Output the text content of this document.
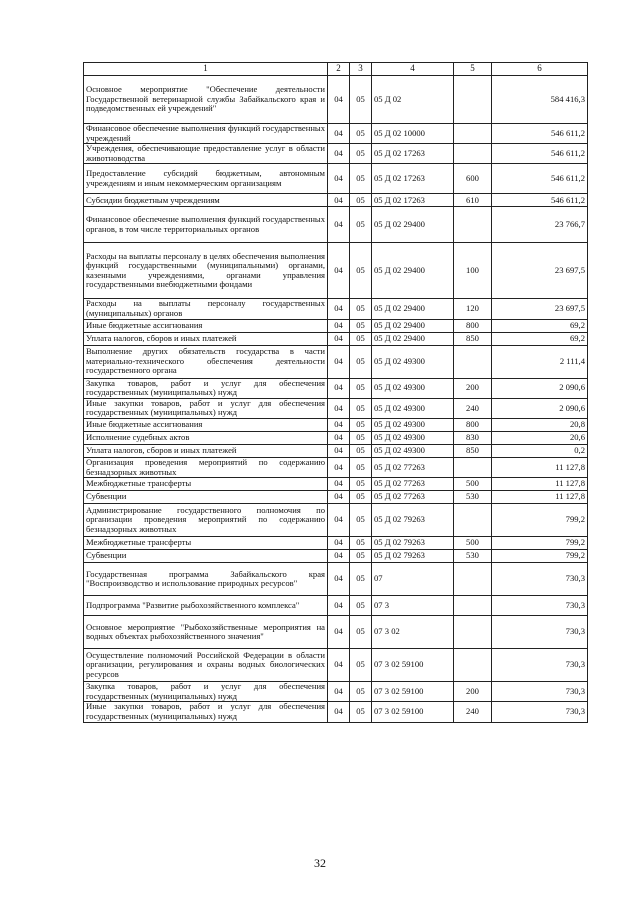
1	2	3	4	5	6
Основное мероприятие "Обеспечение деятельности Государственной ветеринарной службы Забайкальского края и подведомственных ей учреждений"	04	05	05 Д 02		584 416,3
Финансовое обеспечение выполнения функций государственных учреждений	04	05	05 Д 02 10000		546 611,2
Учреждения, обеспечивающие предоставление услуг в области животноводства	04	05	05 Д 02 17263		546 611,2
Предоставление субсидий бюджетным, автономным учреждениям и иным некоммерческим организациям	04	05	05 Д 02 17263	600	546 611,2
Субсидии бюджетным учреждениям	04	05	05 Д 02 17263	610	546 611,2
Финансовое обеспечение выполнения функций государственных органов, в том числе территориальных органов	04	05	05 Д 02 29400		23 766,7
Расходы на выплаты персоналу в целях обеспечения выполнения функций государственными (муниципальными) органами, казенными учреждениями, органами управления государственными внебюджетными фондами	04	05	05 Д 02 29400	100	23 697,5
Расходы на выплаты персоналу государственных (муниципальных) органов	04	05	05 Д 02 29400	120	23 697,5
Иные бюджетные ассигнования	04	05	05 Д 02 29400	800	69,2
Уплата налогов, сборов и иных платежей	04	05	05 Д 02 29400	850	69,2
Выполнение других обязательств государства в части материально-технического обеспечения деятельности государственного органа	04	05	05 Д 02 49300		2 111,4
Закупка товаров, работ и услуг для обеспечения государственных (муниципальных) нужд	04	05	05 Д 02 49300	200	2 090,6
Иные закупки товаров, работ и услуг для обеспечения государственных (муниципальных) нужд	04	05	05 Д 02 49300	240	2 090,6
Иные бюджетные ассигнования	04	05	05 Д 02 49300	800	20,8
Исполнение судебных актов	04	05	05 Д 02 49300	830	20,6
Уплата налогов, сборов и иных платежей	04	05	05 Д 02 49300	850	0,2
Организация проведения мероприятий по содержанию безнадзорных животных	04	05	05 Д 02 77263		11 127,8
Межбюджетные трансферты	04	05	05 Д 02 77263	500	11 127,8
Субвенции	04	05	05 Д 02 77263	530	11 127,8
Администрирование государственного полномочия по организации проведения мероприятий по содержанию безнадзорных животных	04	05	05 Д 02 79263		799,2
Межбюджетные трансферты	04	05	05 Д 02 79263	500	799,2
Субвенции	04	05	05 Д 02 79263	530	799,2
Государственная программа Забайкальского края "Воспроизводство и использование природных ресурсов"	04	05	07		730,3
Подпрограмма "Развитие рыбохозяйственного комплекса"	04	05	07 3		730,3
Основное мероприятие "Рыбохозяйственные мероприятия на водных объектах рыбохозяйственного значения"	04	05	07 3 02		730,3
Осуществление полномочий Российской Федерации в области организации, регулирования и охраны водных биологических ресурсов	04	05	07 3 02 59100		730,3
Закупка товаров, работ и услуг для обеспечения государственных (муниципальных) нужд	04	05	07 3 02 59100	200	730,3
Иные закупки товаров, работ и услуг для обеспечения государственных (муниципальных) нужд	04	05	07 3 02 59100	240	730,3
32
